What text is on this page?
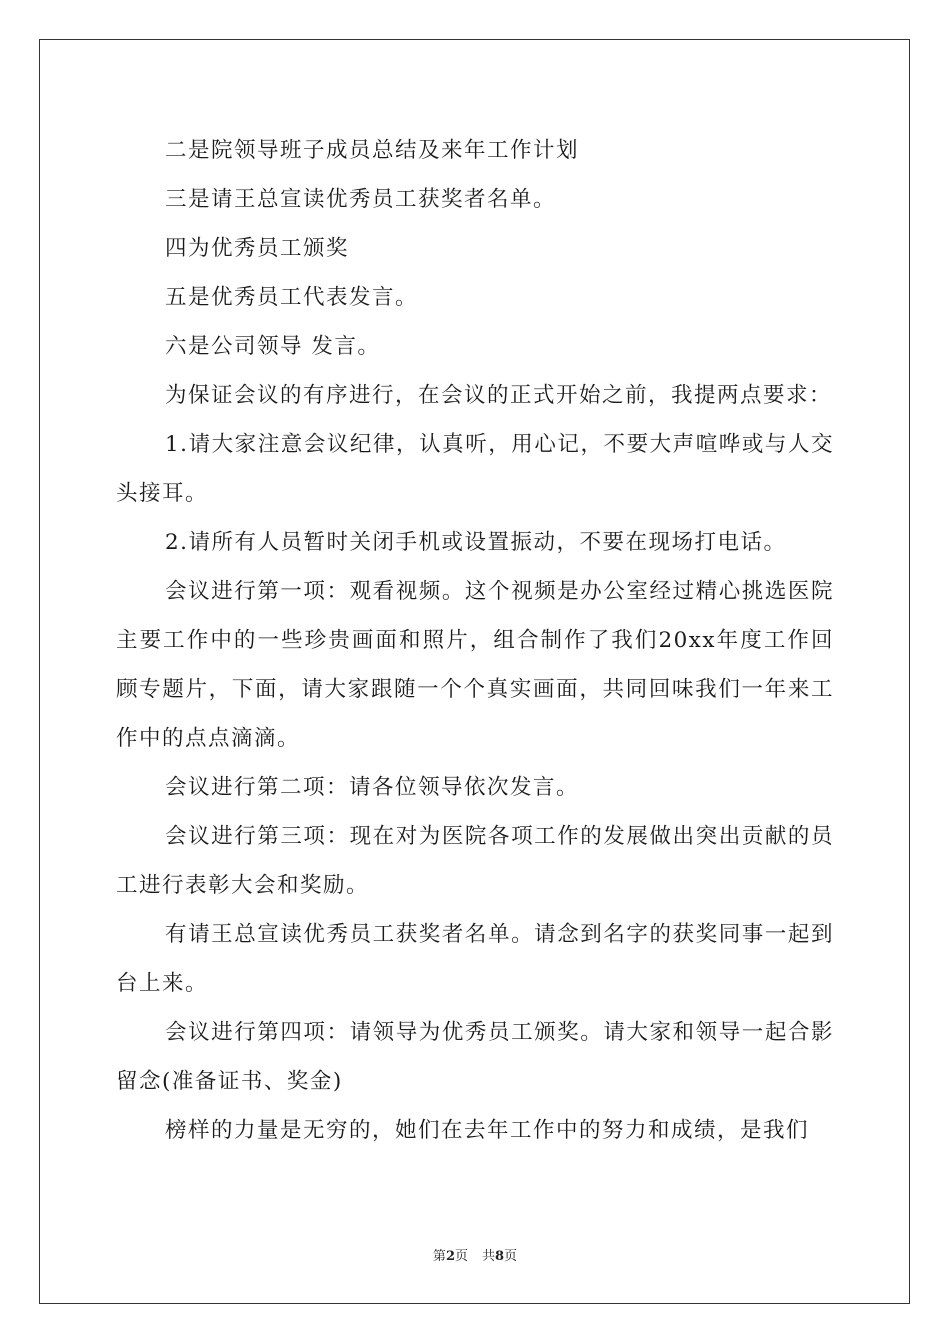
二是院领导班子成员总结及来年工作计划

三是请王总宣读优秀员工获奖者名单。

四为优秀员工颁奖

五是优秀员工代表发言。

六是公司领导 发言。

为保证会议的有序进行，在会议的正式开始之前，我提两点要求：

1.请大家注意会议纪律，认真听，用心记，不要大声喧哗或与人交头接耳。

2.请所有人员暂时关闭手机或设置振动，不要在现场打电话。

会议进行第一项：观看视频。这个视频是办公室经过精心挑选医院主要工作中的一些珍贵画面和照片，组合制作了我们20xx年度工作回顾专题片，下面，请大家跟随一个个真实画面，共同回味我们一年来工作中的点点滴滴。

会议进行第二项：请各位领导依次发言。

会议进行第三项：现在对为医院各项工作的发展做出突出贡献的员工进行表彰大会和奖励。

有请王总宣读优秀员工获奖者名单。请念到名字的获奖同事一起到台上来。

会议进行第四项：请领导为优秀员工颁奖。请大家和领导一起合影留念(准备证书、奖金)

榜样的力量是无穷的，她们在去年工作中的努力和成绩，是我们

第2页 共8页
